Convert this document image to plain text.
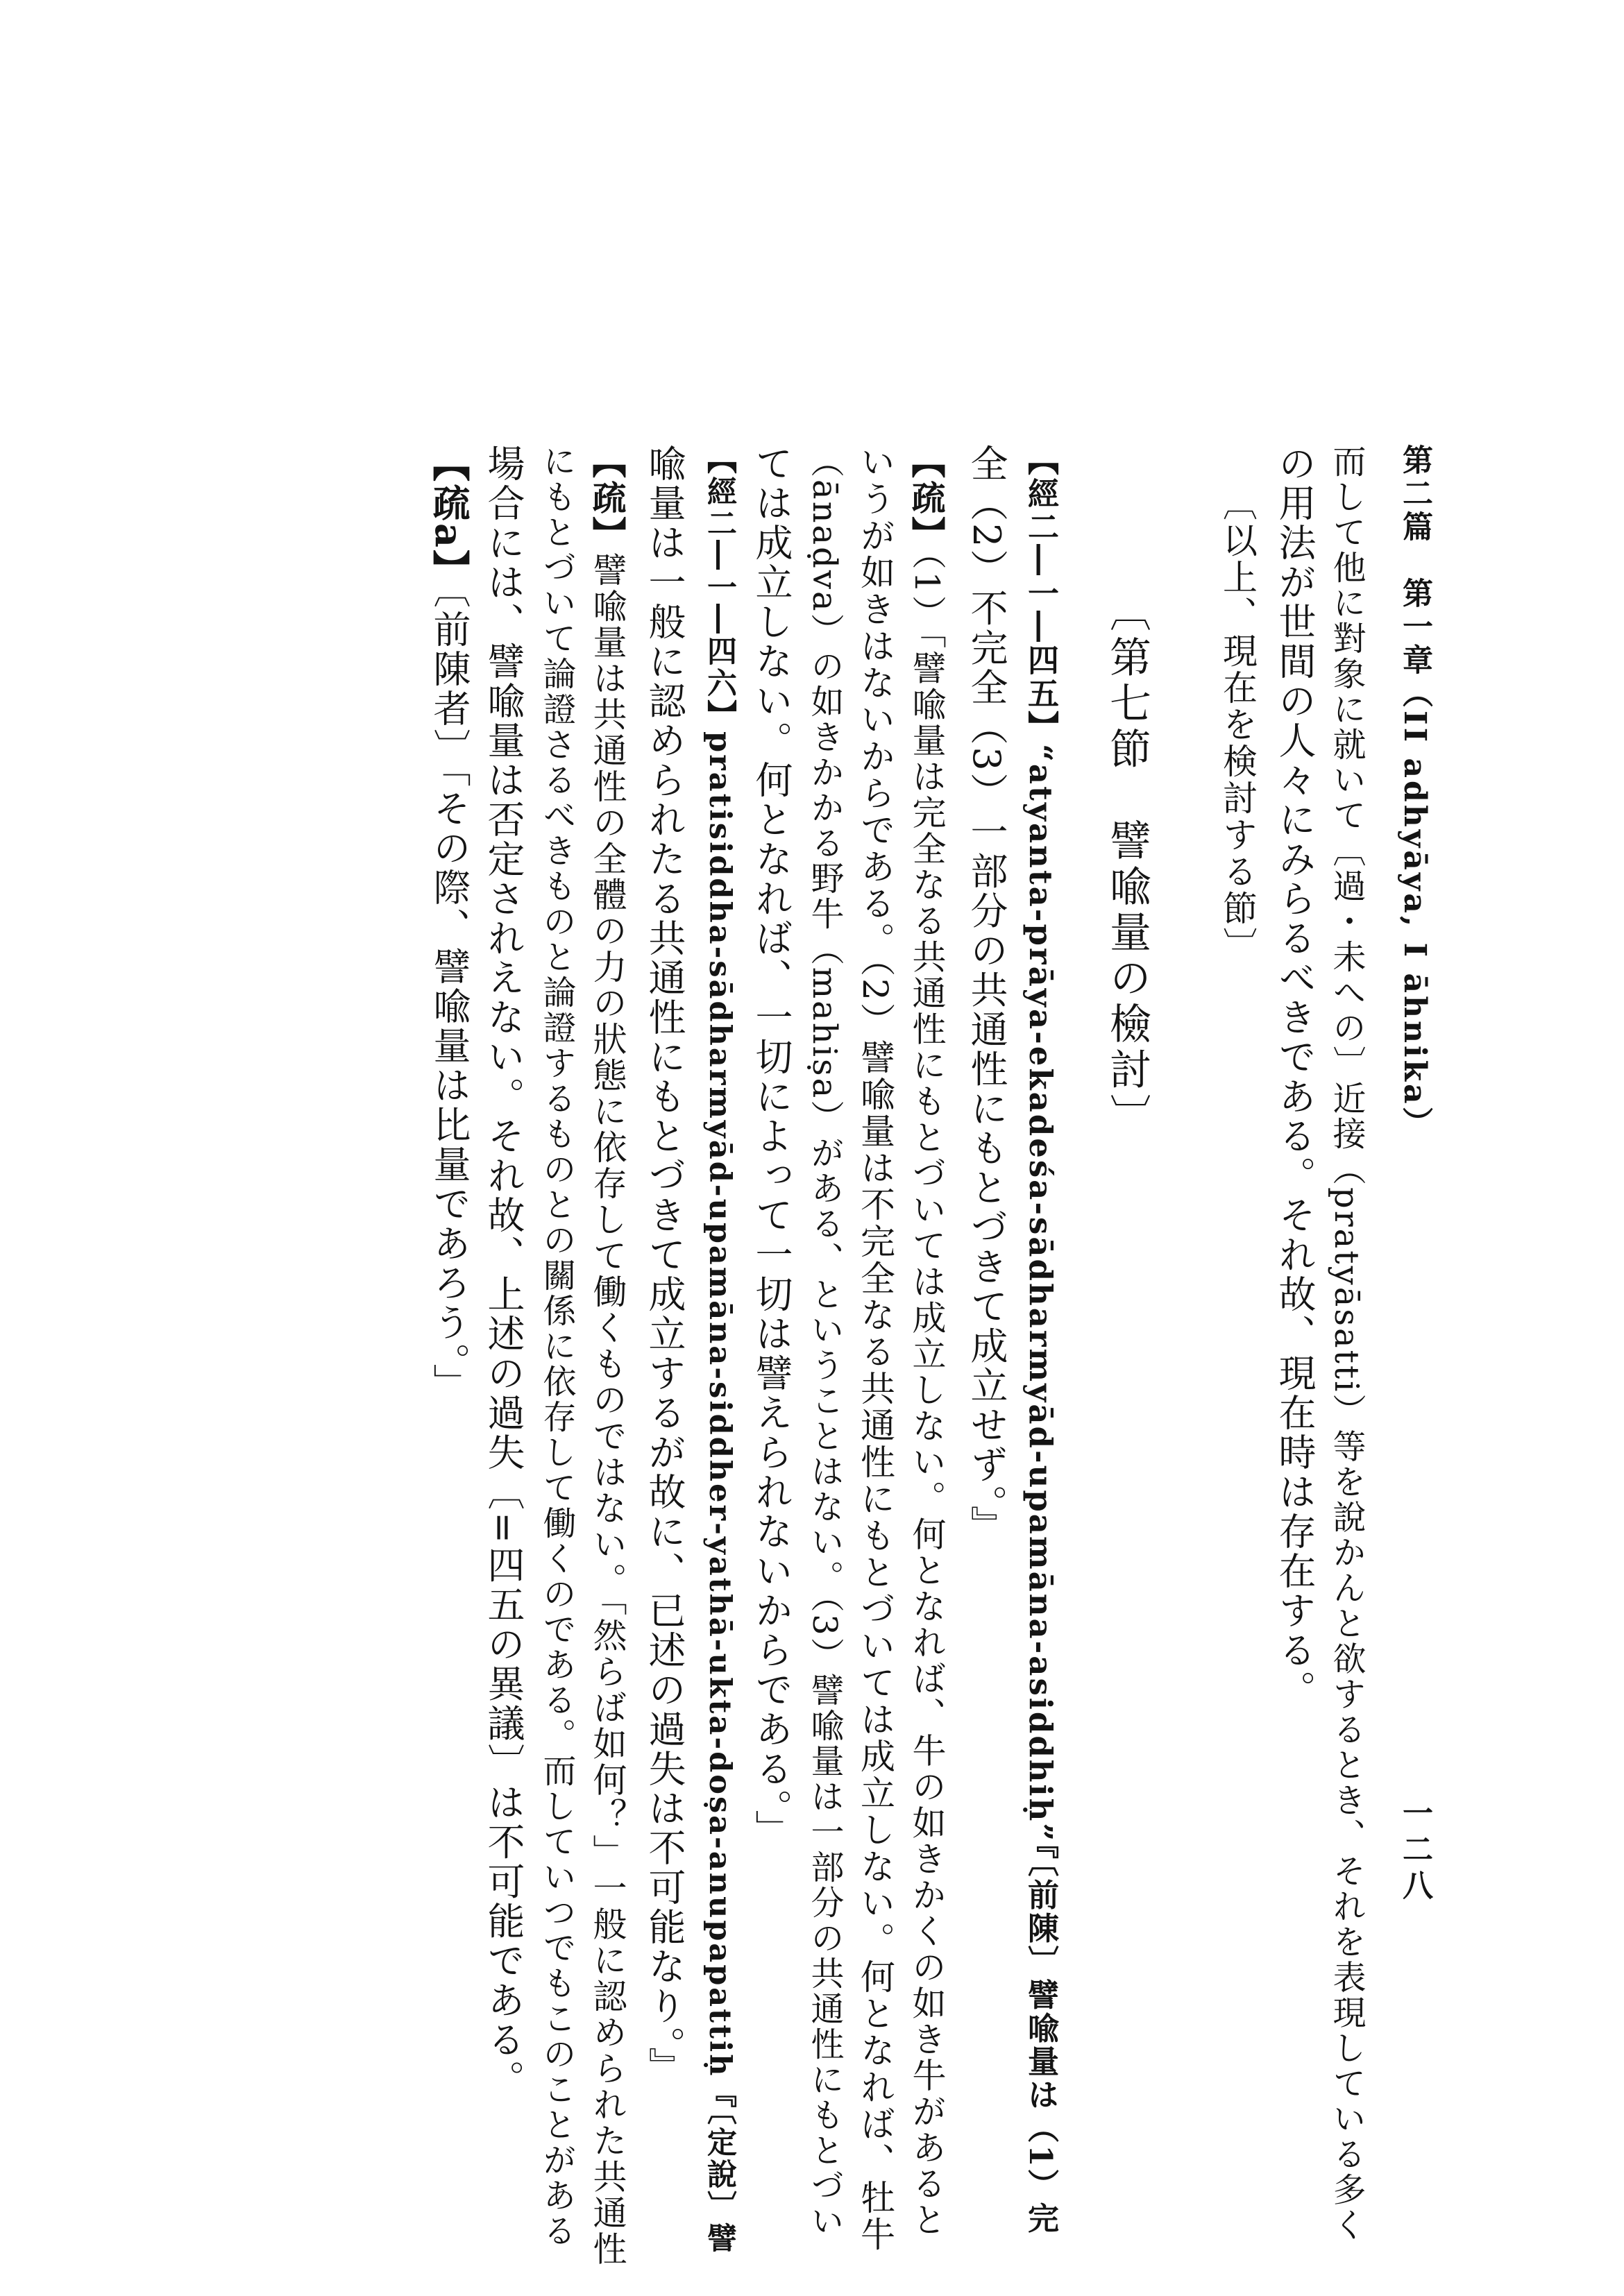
第二篇　第一章（II adhyāya, I āhnika）
一二八
而して他に對象に就いて〔過・未への〕近接（pratyāsatti）等を說かんと欲するとき、それを表現している多く
の用法が世間の人々にみらるべきである。それ故、現在時は存在する。
〔以上、現在を検討する節〕
〔第七節　譬喩量の檢討〕
【經二―一―四五】“atyanta-prāya-ekadeśa-sādharmyād-upamāna-asiddhiḥ”『〔前陳〕譬喩量は（1）完
全（2）不完全（3）一部分の共通性にもとづきて成立せず。』
【疏】（1）「譬喩量は完全なる共通性にもとづいては成立しない。何となれば、牛の如きかくの如き牛があると
いうが如きはないからである。（2）譬喩量は不完全なる共通性にもとづいては成立しない。何となれば、牡牛
（ānaḍva）の如きかかる野牛（mahiṣa）がある、ということはない。（3）譬喩量は一部分の共通性にもとづい
ては成立しない。何となれば、一切によって一切は譬えられないからである。」
【經二―一―四六】pratisiddha-sādharmyād-upamāna-siddher-yathā-ukta-doṣa-anupapattiḥ『〔定說〕譬
喩量は一般に認められたる共通性にもとづきて成立するが故に、已述の過失は不可能なり。』
【疏】譬喩量は共通性の全體の力の狀態に依存して働くものではない。「然らば如何？」一般に認められた共通性
にもとづいて論證さるべきものと論證するものとの關係に依存して働くのである。而していつでもこのことがある
場合には、譬喩量は否定されえない。それ故、上述の過失〔=四五の異議〕は不可能である。
【疏a】〔前陳者〕「その際、譬喩量は比量であろう。」
